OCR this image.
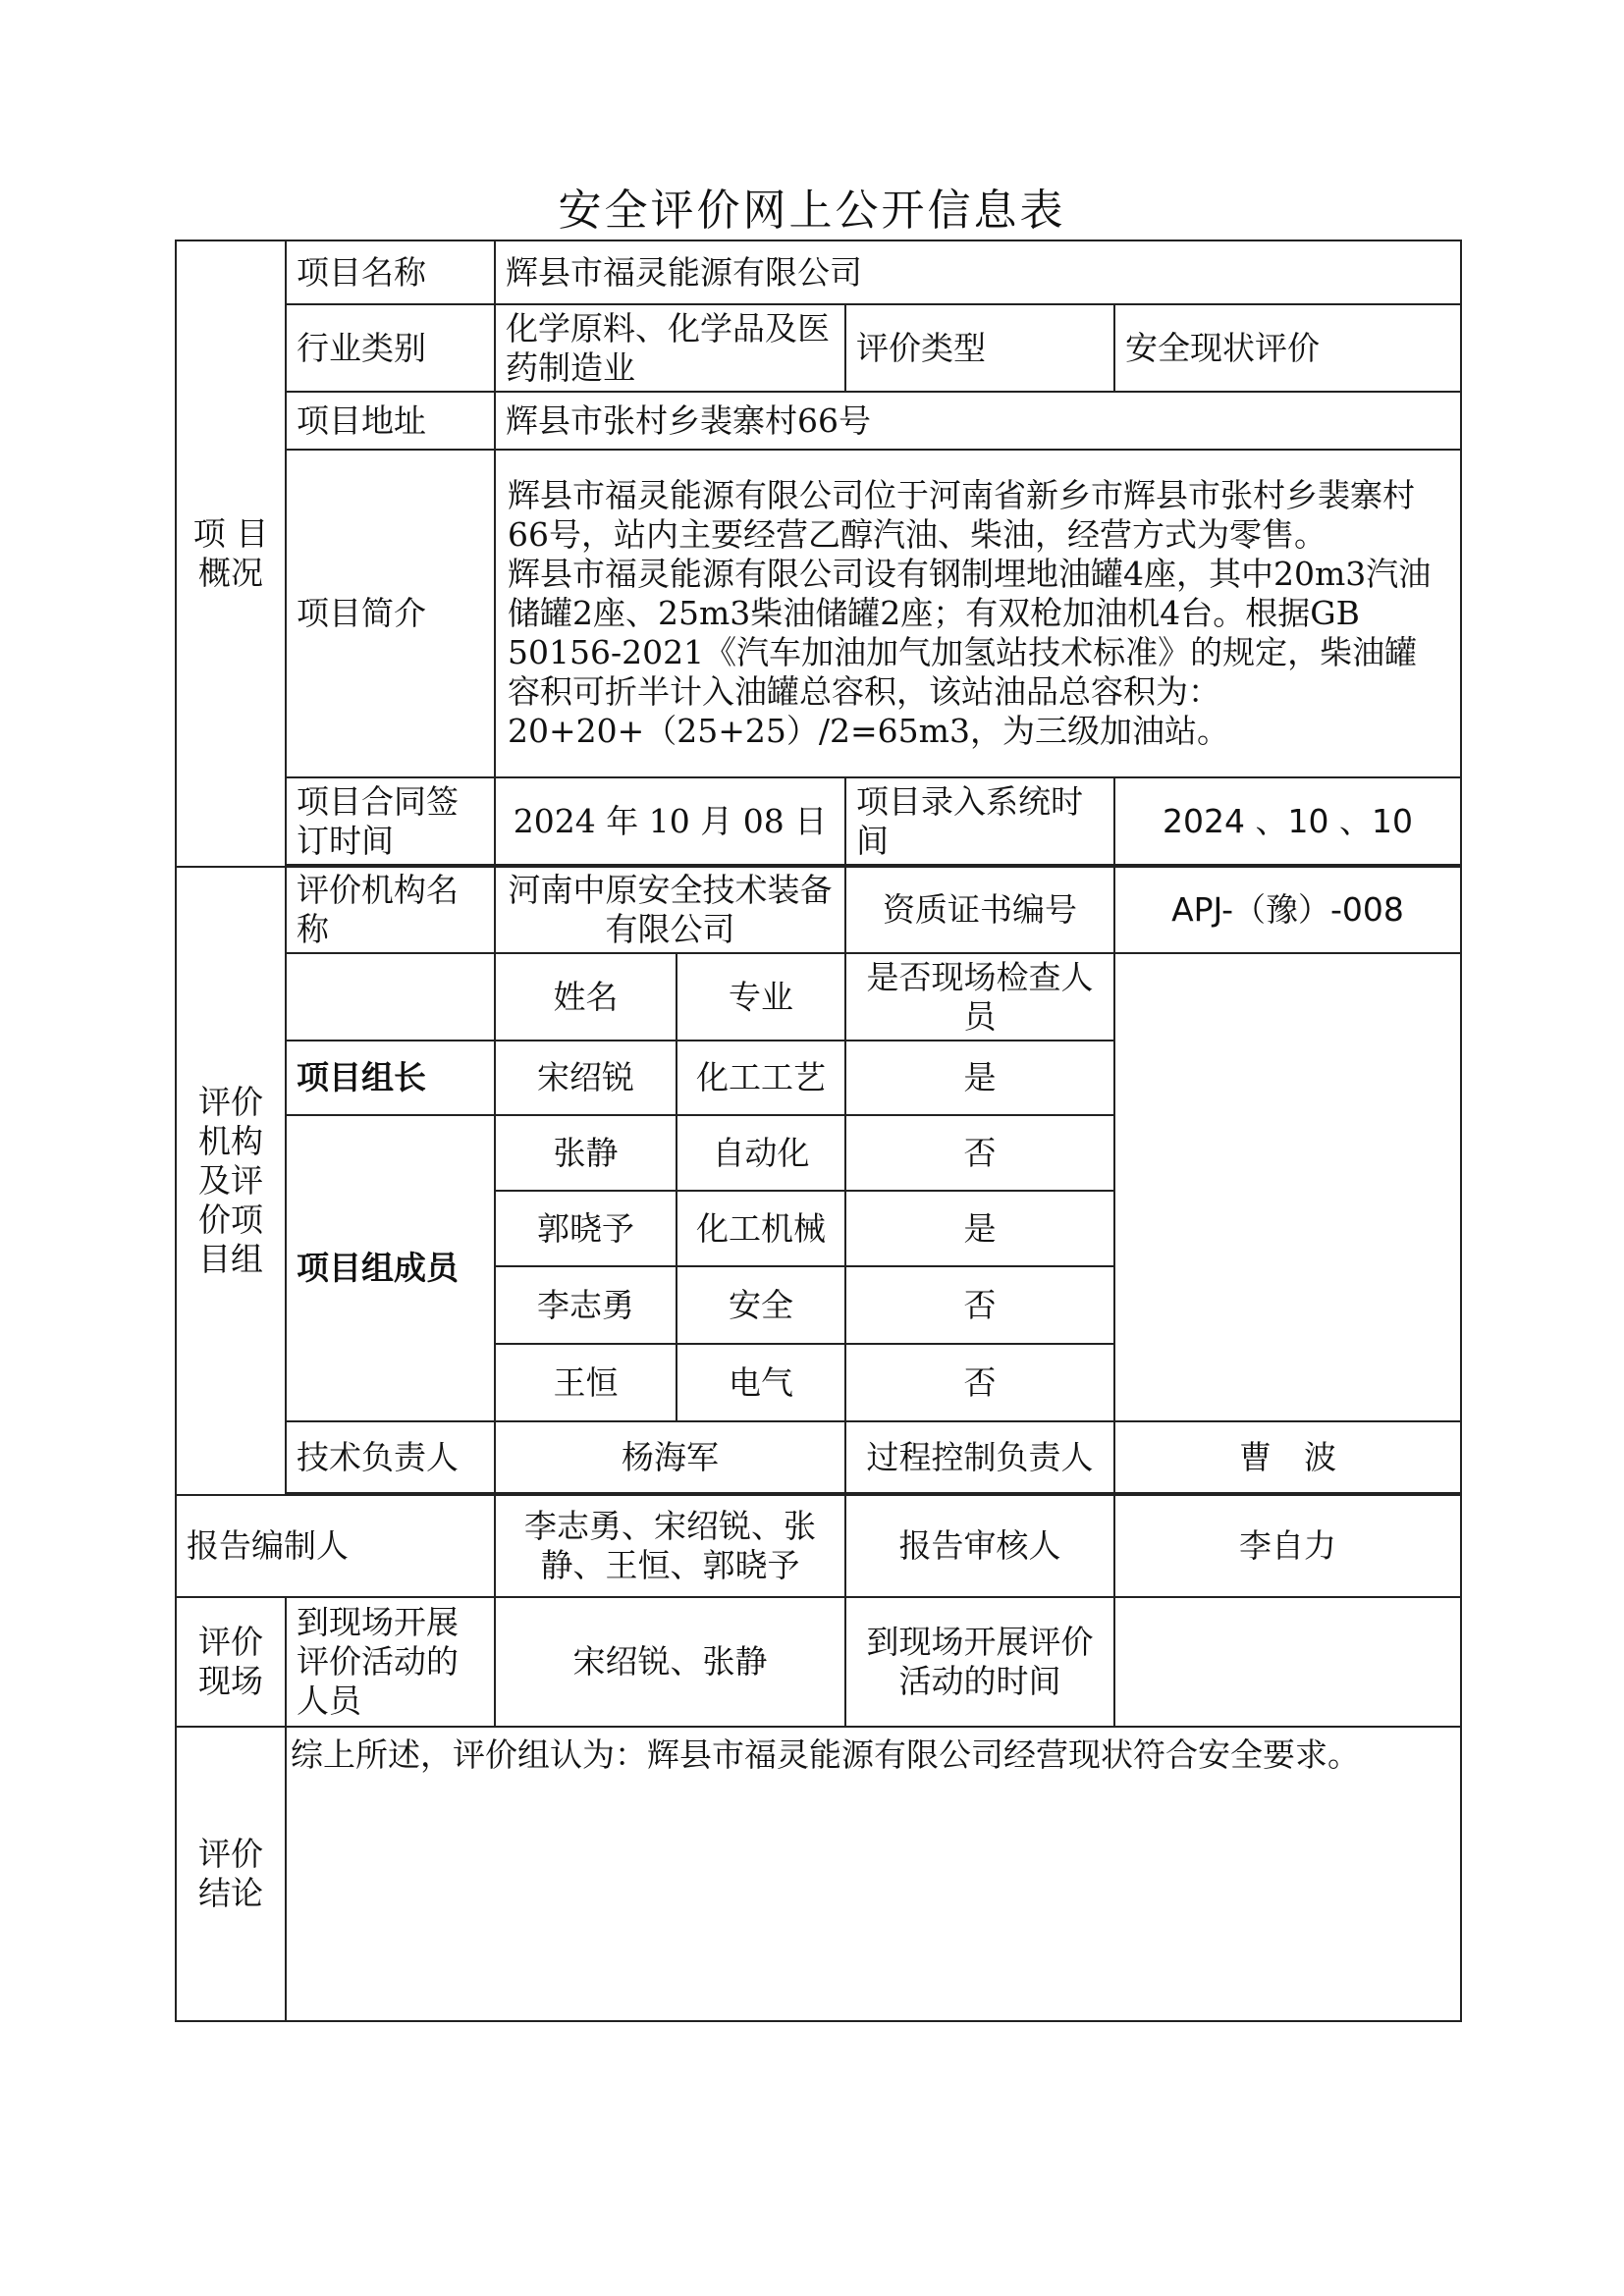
安全评价网上公开信息表
项 目
概况	项目名称	辉县市福灵能源有限公司			
	行业类别	化学原料、化学品及医药制造业		评价类型	安全现状评价
	项目地址	辉县市张村乡裴寨村66号			
	项目简介	辉县市福灵能源有限公司位于河南省新乡市辉县市张村乡裴寨村66号，站内主要经营乙醇汽油、柴油，经营方式为零售。

辉县市福灵能源有限公司设有钢制埋地油罐4座，其中20m3汽油储罐2座、25m3柴油储罐2座；有双枪加油机4台。根据GB 50156-2021《汽车加油加气加氢站技术标准》的规定，柴油罐容积可折半计入油罐总容积，该站油品总容积为：20+20+（25+25）/2=65m3，为三级加油站。			

	项目合同签订时间	2024 年 10 月 08 日		项目录入系统时间	2024 、10 、10

评价
机构
及评
价项
目组	评价机构名称	河南中原安全技术装备有限公司		资质证书编号	APJ-（豫）-008
		姓名	专业	是否现场检查人员	
	项目组长	宋绍锐	化工工艺	是	
	项目组成员	张静	自动化	否	
		郭晓予	化工机械	是	
		李志勇	安全	否	
		王恒	电气	否	
	技术负责人	杨海军		过程控制负责人	曹　波

报告编制人		李志勇、宋绍锐、张静、王恒、郭晓予		报告审核人	李自力
评价
现场	到现场开展评价活动的人员	宋绍锐、张静		到现场开展评价活动的时间	
评价
结论	综上所述，评价组认为：辉县市福灵能源有限公司经营现状符合安全要求。				
